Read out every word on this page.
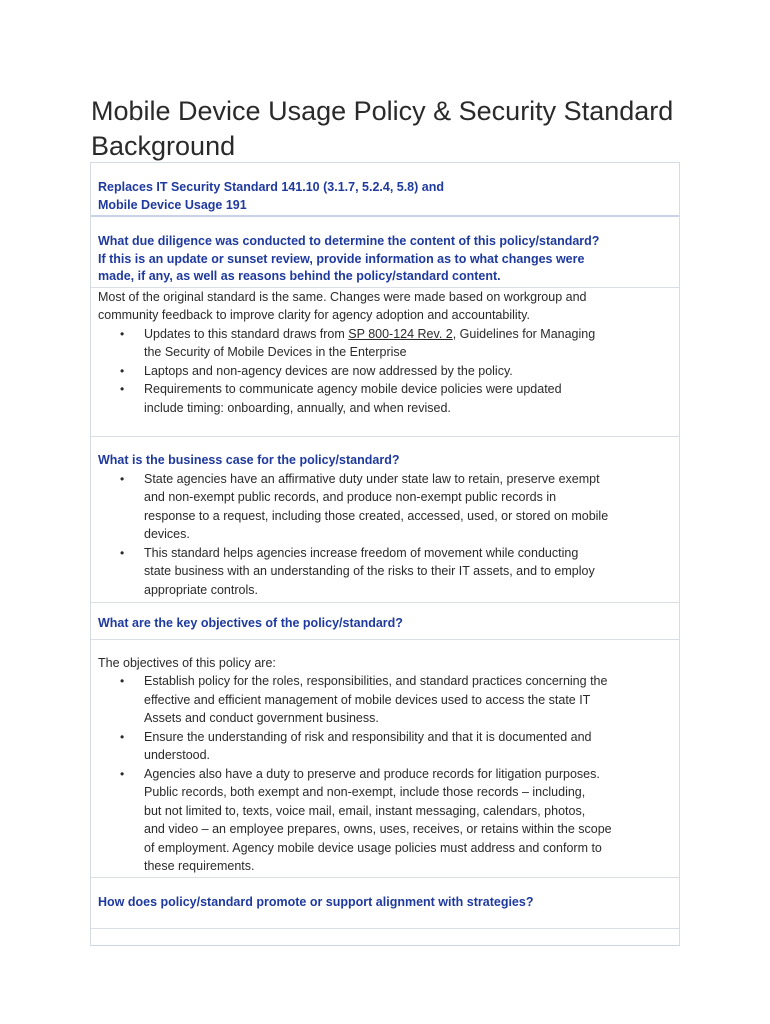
Mobile Device Usage Policy & Security Standard
Background
Replaces IT Security Standard 141.10 (3.1.7, 5.2.4, 5.8) and
Mobile Device Usage 191
What due diligence was conducted to determine the content of this policy/standard?
If this is an update or sunset review, provide information as to what changes were
made, if any, as well as reasons behind the policy/standard content.
Most of the original standard is the same. Changes were made based on workgroup and
community feedback to improve clarity for agency adoption and accountability.
• Updates to this standard draws from SP 800-124 Rev. 2, Guidelines for Managing
the Security of Mobile Devices in the Enterprise
• Laptops and non-agency devices are now addressed by the policy.
• Requirements to communicate agency mobile device policies were updated
include timing: onboarding, annually, and when revised.
What is the business case for the policy/standard?
• State agencies have an affirmative duty under state law to retain, preserve exempt
and non-exempt public records, and produce non-exempt public records in
response to a request, including those created, accessed, used, or stored on mobile
devices.
• This standard helps agencies increase freedom of movement while conducting
state business with an understanding of the risks to their IT assets, and to employ
appropriate controls.
What are the key objectives of the policy/standard?
The objectives of this policy are:
• Establish policy for the roles, responsibilities, and standard practices concerning the
effective and efficient management of mobile devices used to access the state IT
Assets and conduct government business.
• Ensure the understanding of risk and responsibility and that it is documented and
understood.
• Agencies also have a duty to preserve and produce records for litigation purposes.
Public records, both exempt and non-exempt, include those records – including,
but not limited to, texts, voice mail, email, instant messaging, calendars, photos,
and video – an employee prepares, owns, uses, receives, or retains within the scope
of employment. Agency mobile device usage policies must address and conform to
these requirements.
How does policy/standard promote or support alignment with strategies?
